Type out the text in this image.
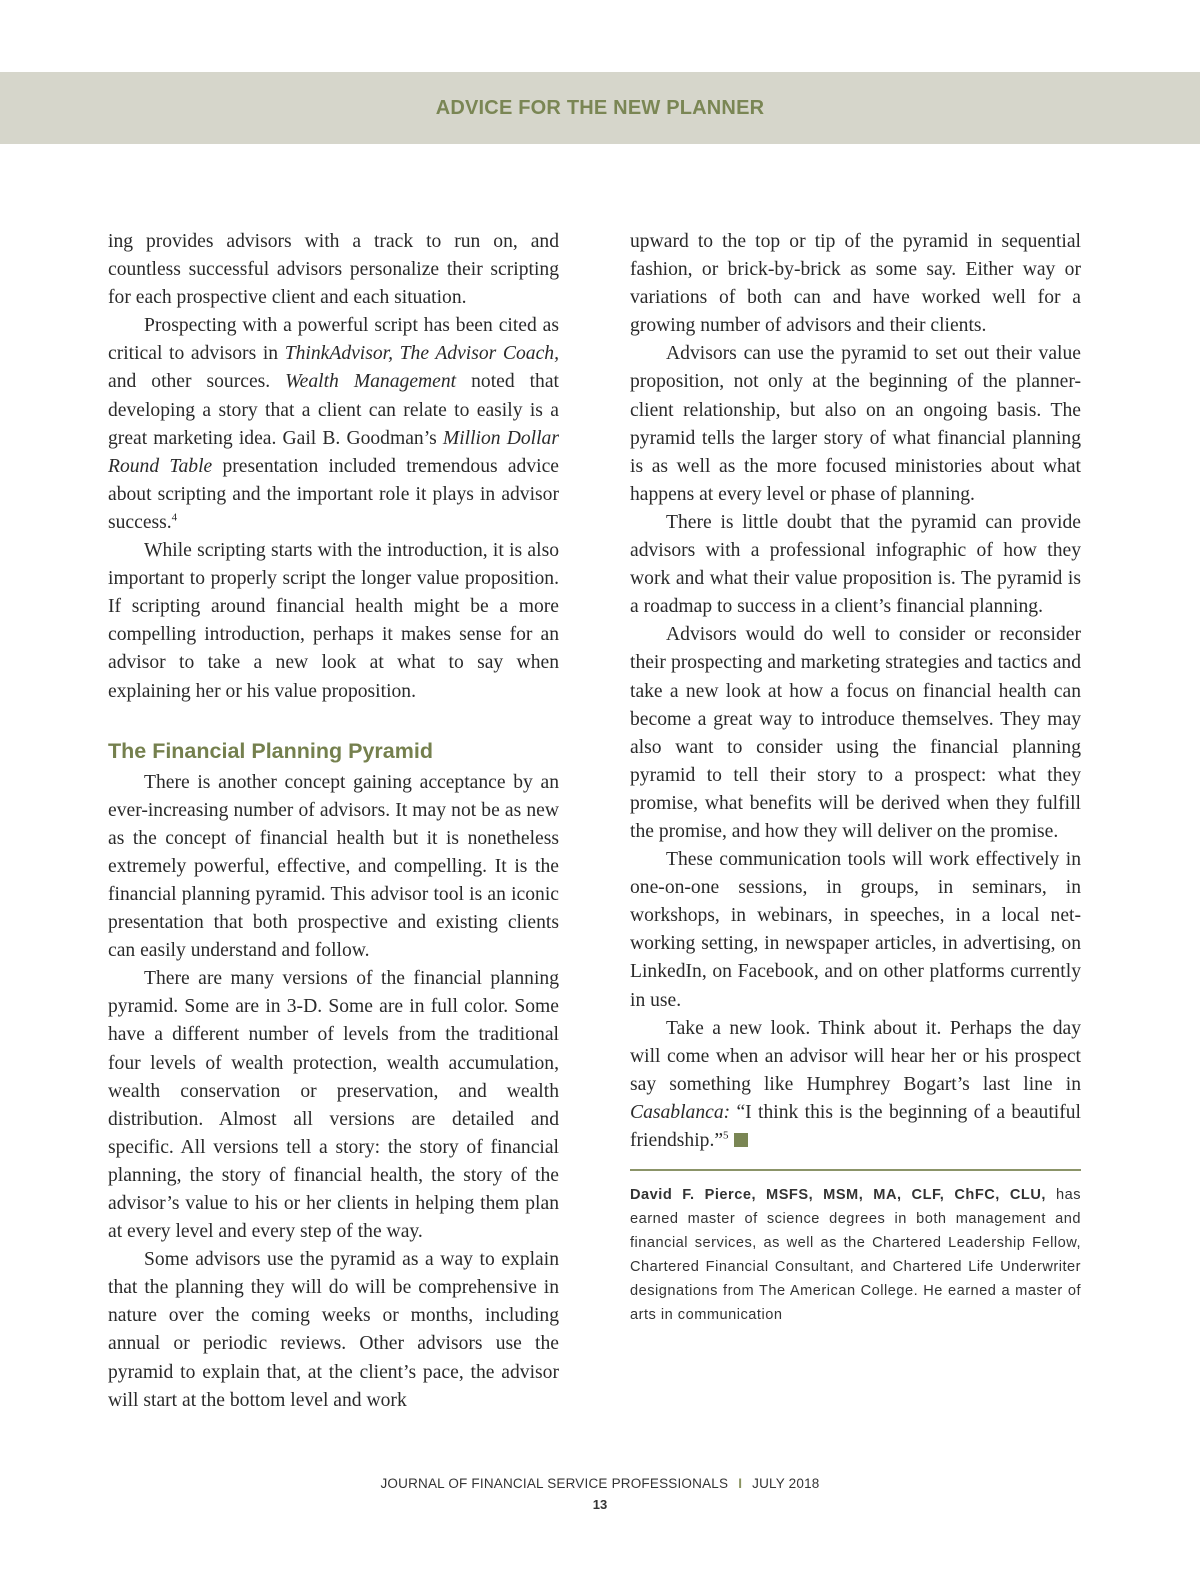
ADVICE FOR THE NEW PLANNER

ing provides advisors with a track to run on, and countless successful advisors personalize their scripting for each prospective client and each situation.

Prospecting with a powerful script has been cited as critical to advisors in ThinkAdvisor, The Advisor Coach, and other sources. Wealth Management noted that developing a story that a client can relate to easily is a great marketing idea. Gail B. Goodman’s Million Dollar Round Table presentation included tremendous advice about scripting and the important role it plays in advisor success.$^4$

While scripting starts with the introduction, it is also important to properly script the longer value proposition. If scripting around financial health might be a more compelling introduction, perhaps it makes sense for an advisor to take a new look at what to say when explaining her or his value proposition.

The Financial Planning Pyramid

There is another concept gaining acceptance by an ever-increasing number of advisors. It may not be as new as the concept of financial health but it is nonetheless extremely powerful, effective, and compelling. It is the financial planning pyramid. This advisor tool is an iconic presentation that both prospective and existing clients can easily understand and follow.

There are many versions of the financial planning pyramid. Some are in 3-D. Some are in full color. Some have a different number of levels from the traditional four levels of wealth protection, wealth accumulation, wealth conservation or preservation, and wealth distribution. Almost all versions are detailed and specific. All versions tell a story: the story of financial planning, the story of financial health, the story of the advisor’s value to his or her clients in helping them plan at every level and every step of the way.

Some advisors use the pyramid as a way to explain that the planning they will do will be comprehensive in nature over the coming weeks or months, including annual or periodic reviews. Other advisors use the pyramid to explain that, at the client’s pace, the advisor will start at the bottom level and work

upward to the top or tip of the pyramid in sequential fashion, or brick-by-brick as some say. Either way or variations of both can and have worked well for a growing number of advisors and their clients.

Advisors can use the pyramid to set out their value proposition, not only at the beginning of the planner-client relationship, but also on an ongoing basis. The pyramid tells the larger story of what financial planning is as well as the more focused ministories about what happens at every level or phase of planning.

There is little doubt that the pyramid can provide advisors with a professional infographic of how they work and what their value proposition is. The pyramid is a roadmap to success in a client’s financial planning.

Advisors would do well to consider or reconsider their prospecting and marketing strategies and tactics and take a new look at how a focus on financial health can become a great way to introduce themselves. They may also want to consider using the financial planning pyramid to tell their story to a prospect: what they promise, what benefits will be derived when they fulfill the promise, and how they will deliver on the promise.

These communication tools will work effectively in one-on-one sessions, in groups, in seminars, in workshops, in webinars, in speeches, in a local networking setting, in newspaper articles, in advertising, on LinkedIn, on Facebook, and on other platforms currently in use.

Take a new look. Think about it. Perhaps the day will come when an advisor will hear her or his prospect say something like Humphrey Bogart’s last line in Casablanca: “I think this is the beginning of a beautiful friendship.”$^5$

David F. Pierce, MSFS, MSM, MA, CLF, ChFC, CLU, has earned master of science degrees in both management and financial services, as well as the Chartered Leadership Fellow, Chartered Financial Consultant, and Chartered Life Underwriter designations from The American College. He earned a master of arts in communication

JOURNAL OF FINANCIAL SERVICE PROFESSIONALS I JULY 2018
13
